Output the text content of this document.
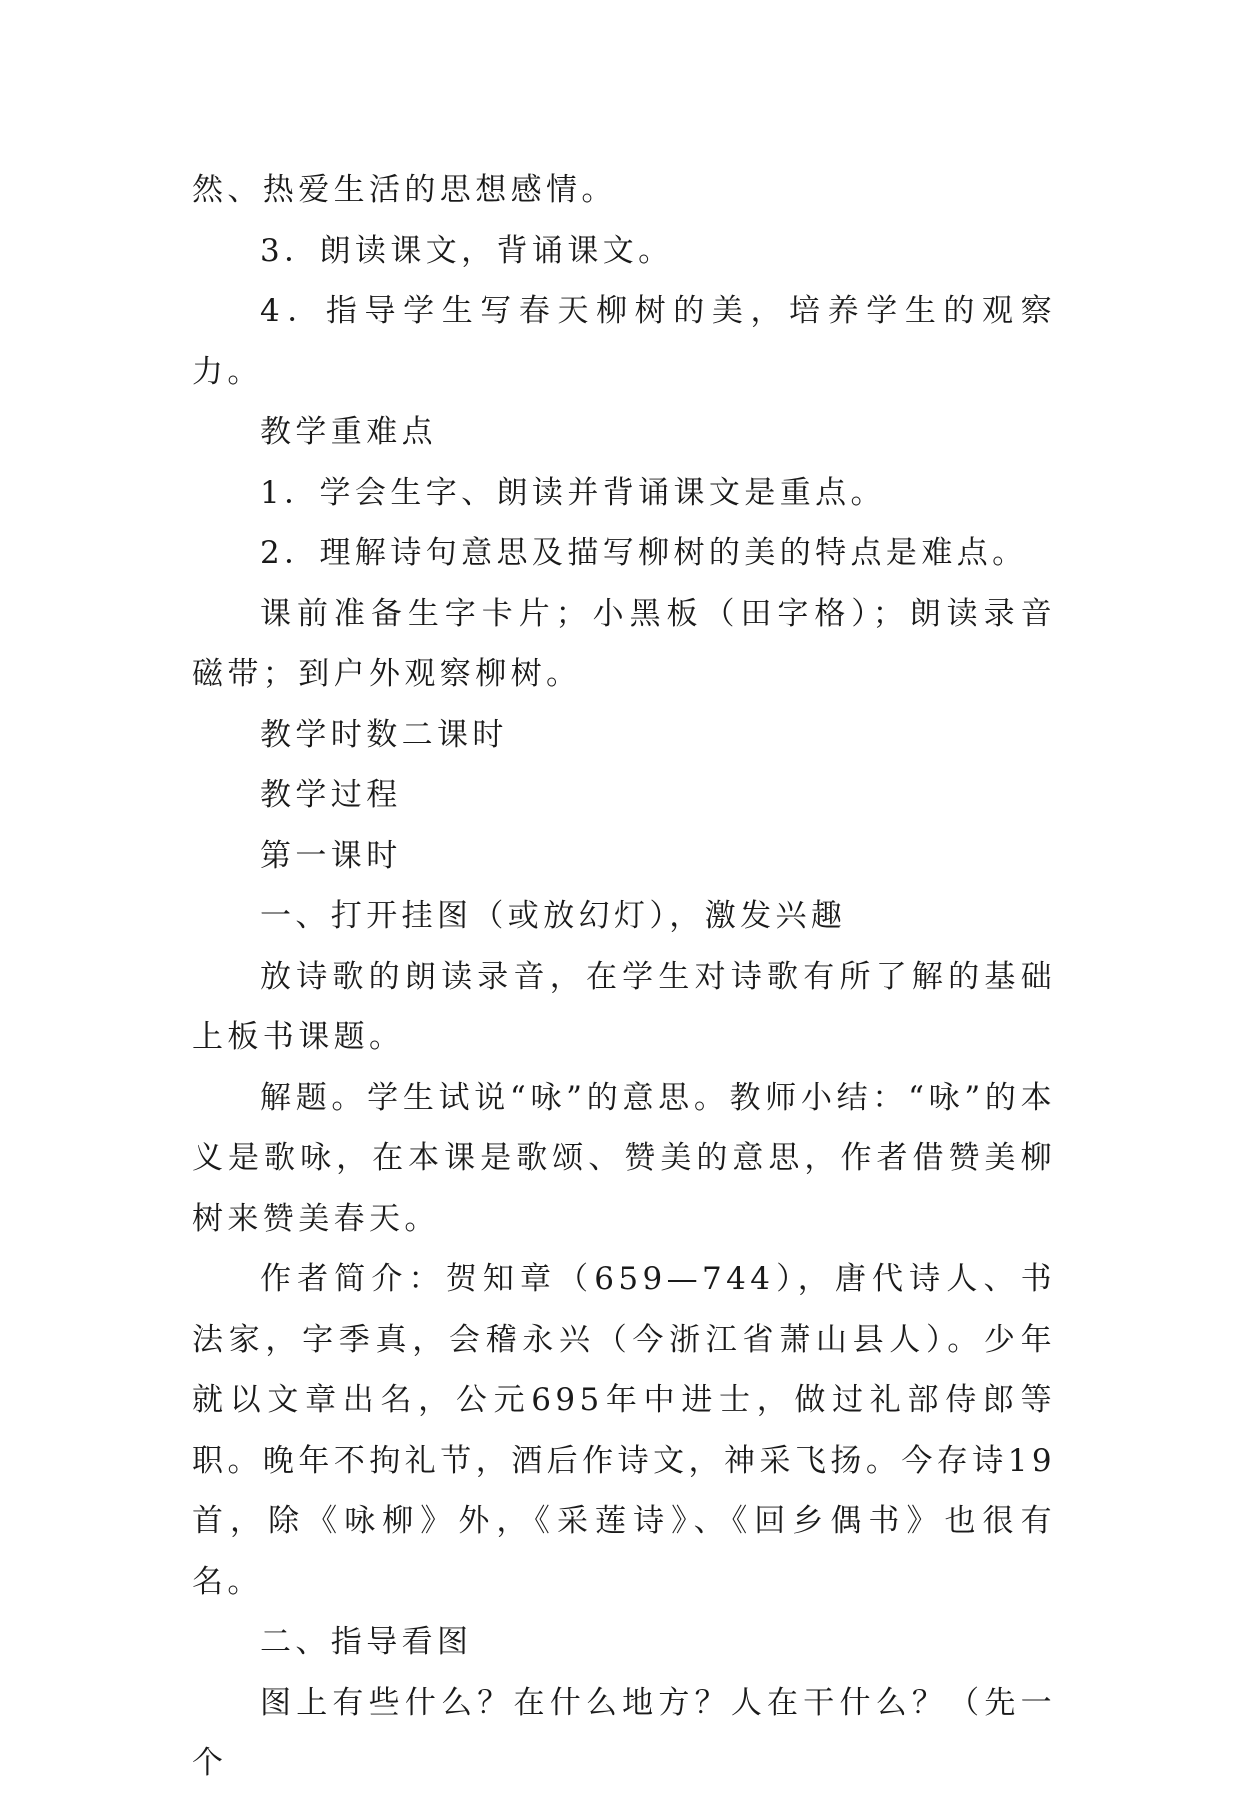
然、热爱生活的思想感情。

3．朗读课文，背诵课文。

4．指导学生写春天柳树的美，培养学生的观察力。

教学重难点

1．学会生字、朗读并背诵课文是重点。

2．理解诗句意思及描写柳树的美的特点是难点。

课前准备生字卡片；小黑板（田字格）；朗读录音磁带；到户外观察柳树。

教学时数二课时

教学过程

第一课时

一、打开挂图（或放幻灯），激发兴趣

放诗歌的朗读录音，在学生对诗歌有所了解的基础上板书课题。

解题。学生试说“咏”的意思。教师小结：“咏”的本义是歌咏，在本课是歌颂、赞美的意思，作者借赞美柳树来赞美春天。

作者简介：贺知章（659—744），唐代诗人、书法家，字季真，会稽永兴（今浙江省萧山县人）。少年就以文章出名，公元695年中进士，做过礼部侍郎等职。晚年不拘礼节，酒后作诗文，神采飞扬。今存诗19首，除《咏柳》外，《采莲诗》、《回乡偶书》也很有名。

二、指导看图

图上有些什么？在什么地方？人在干什么？（先一个
